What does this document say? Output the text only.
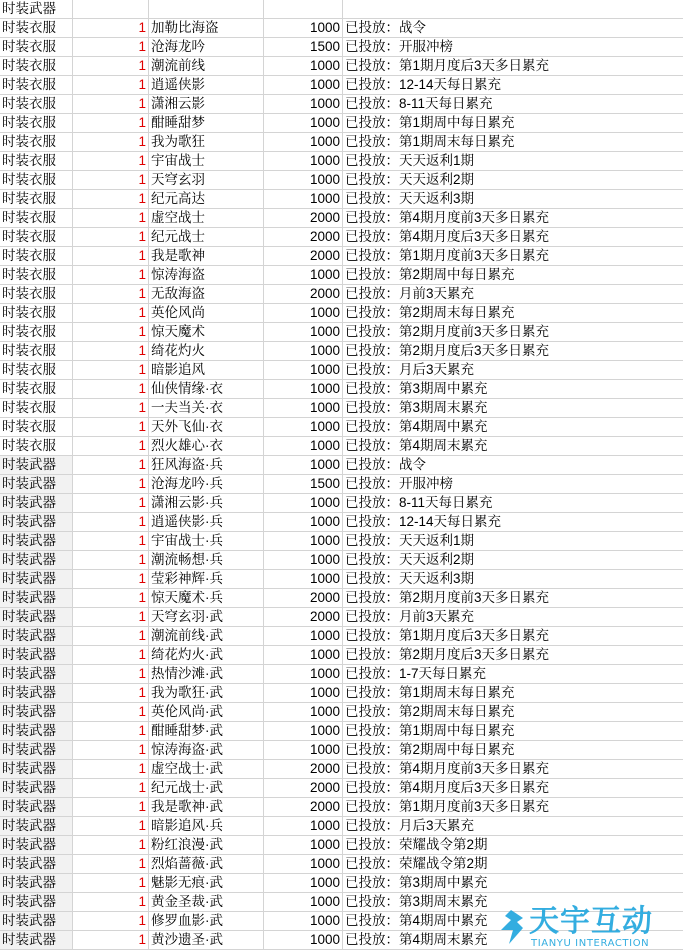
时装武器				
时装衣服	1	加勒比海盗	1000	已投放：战令
时装衣服	1	沧海龙吟	1500	已投放：开服冲榜
时装衣服	1	潮流前线	1000	已投放：第1期月度后3天多日累充
时装衣服	1	逍遥侠影	1000	已投放：12-14天每日累充
时装衣服	1	潇湘云影	1000	已投放：8-11天每日累充
时装衣服	1	酣睡甜梦	1000	已投放：第1期周中每日累充
时装衣服	1	我为歌狂	1000	已投放：第1期周末每日累充
时装衣服	1	宇宙战士	1000	已投放：天天返利1期
时装衣服	1	天穹玄羽	1000	已投放：天天返利2期
时装衣服	1	纪元高达	1000	已投放：天天返利3期
时装衣服	1	虚空战士	2000	已投放：第4期月度前3天多日累充
时装衣服	1	纪元战士	2000	已投放：第4期月度后3天多日累充
时装衣服	1	我是歌神	2000	已投放：第1期月度前3天多日累充
时装衣服	1	惊涛海盗	1000	已投放：第2期周中每日累充
时装衣服	1	无敌海盗	2000	已投放：月前3天累充
时装衣服	1	英伦风尚	1000	已投放：第2期周末每日累充
时装衣服	1	惊天魔术	1000	已投放：第2期月度前3天多日累充
时装衣服	1	绮花灼火	1000	已投放：第2期月度后3天多日累充
时装衣服	1	暗影追风	1000	已投放：月后3天累充
时装衣服	1	仙侠情缘·衣	1000	已投放：第3期周中累充
时装衣服	1	一夫当关·衣	1000	已投放：第3期周末累充
时装衣服	1	天外飞仙·衣	1000	已投放：第4期周中累充
时装衣服	1	烈火雄心·衣	1000	已投放：第4期周末累充
时装武器	1	狂风海盗·兵	1000	已投放：战令
时装武器	1	沧海龙吟·兵	1500	已投放：开服冲榜
时装武器	1	潇湘云影·兵	1000	已投放：8-11天每日累充
时装武器	1	逍遥侠影·兵	1000	已投放：12-14天每日累充
时装武器	1	宇宙战士·兵	1000	已投放：天天返利1期
时装武器	1	潮流畅想·兵	1000	已投放：天天返利2期
时装武器	1	莹彩神辉·兵	1000	已投放：天天返利3期
时装武器	1	惊天魔术·兵	2000	已投放：第2期月度前3天多日累充
时装武器	1	天穹玄羽·武	2000	已投放：月前3天累充
时装武器	1	潮流前线·武	1000	已投放：第1期月度后3天多日累充
时装武器	1	绮花灼火·武	1000	已投放：第2期月度后3天多日累充
时装武器	1	热情沙滩·武	1000	已投放：1-7天每日累充
时装武器	1	我为歌狂·武	1000	已投放：第1期周末每日累充
时装武器	1	英伦风尚·武	1000	已投放：第2期周末每日累充
时装武器	1	酣睡甜梦·武	1000	已投放：第1期周中每日累充
时装武器	1	惊涛海盗·武	1000	已投放：第2期周中每日累充
时装武器	1	虚空战士·武	2000	已投放：第4期月度前3天多日累充
时装武器	1	纪元战士·武	2000	已投放：第4期月度后3天多日累充
时装武器	1	我是歌神·武	2000	已投放：第1期月度前3天多日累充
时装武器	1	暗影追风·兵	1000	已投放：月后3天累充
时装武器	1	粉红浪漫·武	1000	已投放：荣耀战令第2期
时装武器	1	烈焰蔷薇·武	1000	已投放：荣耀战令第2期
时装武器	1	魅影无痕·武	1000	已投放：第3期周中累充
时装武器	1	黄金圣裁·武	1000	已投放：第3期周末累充
时装武器	1	修罗血影·武	1000	已投放：第4期周中累充
时装武器	1	黄沙遗圣·武	1000	已投放：第4期周末累充
天宇互动
TIANYU INTERACTION
